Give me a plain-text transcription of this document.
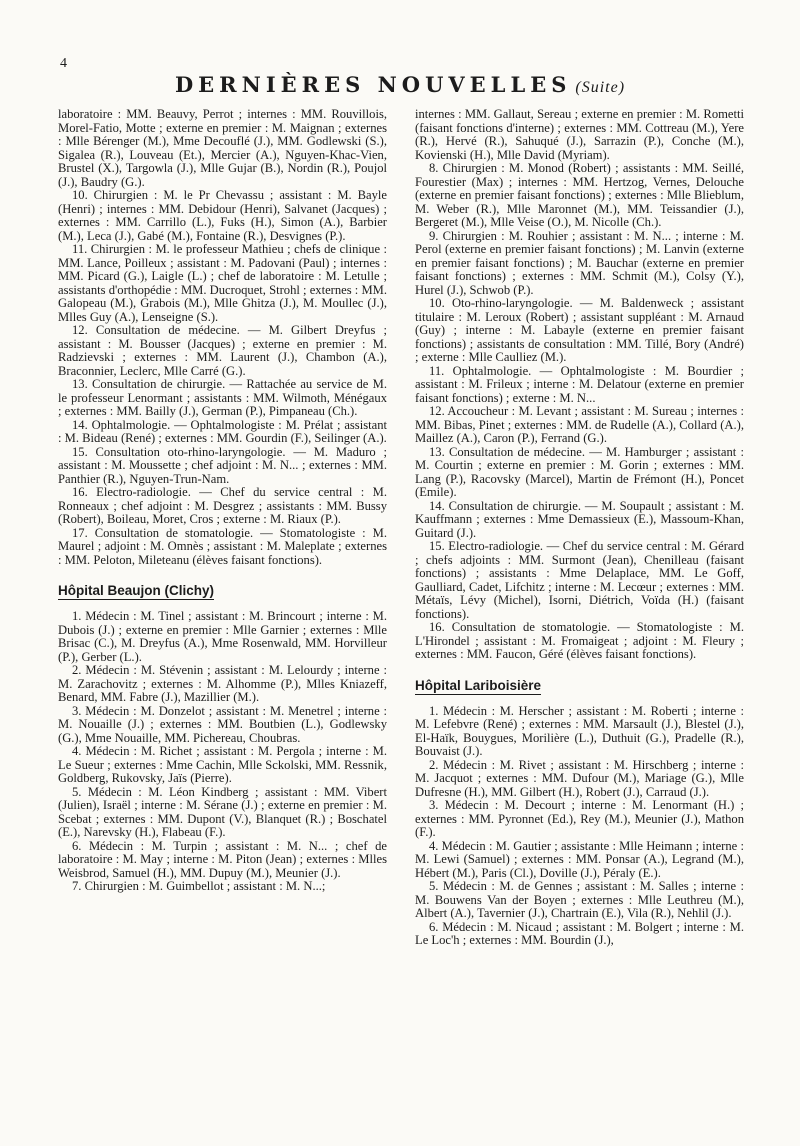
4
DERNIÈRES NOUVELLES (Suite)

laboratoire : MM. Beauvy, Perrot ; internes : MM. Rouvillois, Morel-Fatio, Motte ; externe en premier : M. Maignan ; externes : Mlle Bérenger (M.), Mme Decouflé (J.), MM. Godlewski (S.), Sigalea (R.), Louveau (Et.), Mercier (A.), Nguyen-Khac-Vien, Brustel (X.), Targowla (J.), Mlle Gujar (B.), Nordin (R.), Poujol (J.), Baudry (G.).

10. Chirurgien : M. le Pr Chevassu ; assistant : M. Bayle (Henri) ; internes : MM. Debidour (Henri), Salvanet (Jacques) ; externes : MM. Carrillo (L.), Fuks (H.), Simon (A.), Barbier (M.), Leca (J.), Gabé (M.), Fontaine (R.), Desvignes (P.).

11. Chirurgien : M. le professeur Mathieu ; chefs de clinique : MM. Lance, Poilleux ; assistant : M. Padovani (Paul) ; internes : MM. Picard (G.), Laigle (L.) ; chef de laboratoire : M. Letulle ; assistants d'orthopédie : MM. Ducroquet, Strohl ; externes : MM. Galopeau (M.), Grabois (M.), Mlle Ghitza (J.), M. Moullec (J.), Mlles Guy (A.), Lenseigne (S.).

12. Consultation de médecine. — M. Gilbert Dreyfus ; assistant : M. Bousser (Jacques) ; externe en premier : M. Radzievski ; externes : MM. Laurent (J.), Chambon (A.), Braconnier, Leclerc, Mlle Carré (G.).

13. Consultation de chirurgie. — Rattachée au service de M. le professeur Lenormant ; assistants : MM. Wilmoth, Ménégaux ; externes : MM. Bailly (J.), German (P.), Pimpaneau (Ch.).

14. Ophtalmologie. — Ophtalmologiste : M. Prélat ; assistant : M. Bideau (René) ; externes : MM. Gourdin (F.), Seilinger (A.).

15. Consultation oto-rhino-laryngologie. — M. Maduro ; assistant : M. Moussette ; chef adjoint : M. N... ; externes : MM. Panthier (R.), Nguyen-Trun-Nam.

16. Electro-radiologie. — Chef du service central : M. Ronneaux ; chef adjoint : M. Desgrez ; assistants : MM. Bussy (Robert), Boileau, Moret, Cros ; externe : M. Riaux (P.).

17. Consultation de stomatologie. — Stomatologiste : M. Maurel ; adjoint : M. Omnès ; assistant : M. Maleplate ; externes : MM. Peloton, Mileteanu (élèves faisant fonctions).

Hôpital Beaujon (Clichy)

1. Médecin : M. Tinel ; assistant : M. Brincourt ; interne : M. Dubois (J.) ; externe en premier : Mlle Garnier ; externes : Mlle Brisac (C.), M. Dreyfus (A.), Mme Rosenwald, MM. Horvilleur (P.), Gerber (L.).

2. Médecin : M. Stévenin ; assistant : M. Lelourdy ; interne : M. Zarachovitz ; externes : M. Alhomme (P.), Mlles Kniazeff, Benard, MM. Fabre (J.), Mazillier (M.).

3. Médecin : M. Donzelot ; assistant : M. Menetrel ; interne : M. Nouaille (J.) ; externes : MM. Boutbien (L.), Godlewsky (G.), Mme Nouaille, MM. Pichereau, Choubras.

4. Médecin : M. Richet ; assistant : M. Pergola ; interne : M. Le Sueur ; externes : Mme Cachin, Mlle Sckolski, MM. Ressnik, Goldberg, Rukovsky, Jaïs (Pierre).

5. Médecin : M. Léon Kindberg ; assistant : MM. Vibert (Julien), Israël ; interne : M. Sérane (J.) ; externe en premier : M. Scebat ; externes : MM. Dupont (V.), Blanquet (R.) ; Boschatel (E.), Narevsky (H.), Flabeau (F.).

6. Médecin : M. Turpin ; assistant : M. N... ; chef de laboratoire : M. May ; interne : M. Piton (Jean) ; externes : Mlles Weisbrod, Samuel (H.), MM. Dupuy (M.), Meunier (J.).

7. Chirurgien : M. Guimbellot ; assistant : M. N...;

internes : MM. Gallaut, Sereau ; externe en premier : M. Rometti (faisant fonctions d'interne) ; externes : MM. Cottreau (M.), Yere (R.), Hervé (R.), Sahuqué (J.), Sarrazin (P.), Conche (M.), Kovienski (H.), Mlle David (Myriam).

8. Chirurgien : M. Monod (Robert) ; assistants : MM. Seillé, Fourestier (Max) ; internes : MM. Hertzog, Vernes, Delouche (externe en premier faisant fonctions) ; externes : Mlle Blieblum, M. Weber (R.), Mlle Maronnet (M.), MM. Teissandier (J.), Bergeret (M.), Mlle Veise (O.), M. Nicolle (Ch.).

9. Chirurgien : M. Rouhier ; assistant : M. N... ; interne : M. Perol (externe en premier faisant fonctions) ; M. Lanvin (externe en premier faisant fonctions) ; M. Bauchar (externe en premier faisant fonctions) ; externes : MM. Schmit (M.), Colsy (Y.), Hurel (J.), Schwob (P.).

10. Oto-rhino-laryngologie. — M. Baldenweck ; assistant titulaire : M. Leroux (Robert) ; assistant suppléant : M. Arnaud (Guy) ; interne : M. Labayle (externe en premier faisant fonctions) ; assistants de consultation : MM. Tillé, Bory (André) ; externe : Mlle Caulliez (M.).

11. Ophtalmologie. — Ophtalmologiste : M. Bourdier ; assistant : M. Frileux ; interne : M. Delatour (externe en premier faisant fonctions) ; externe : M. N...

12. Accoucheur : M. Levant ; assistant : M. Sureau ; internes : MM. Bibas, Pinet ; externes : MM. de Rudelle (A.), Collard (A.), Maillez (A.), Caron (P.), Ferrand (G.).

13. Consultation de médecine. — M. Hamburger ; assistant : M. Courtin ; externe en premier : M. Gorin ; externes : MM. Lang (P.), Racovsky (Marcel), Martin de Frémont (H.), Poncet (Emile).

14. Consultation de chirurgie. — M. Soupault ; assistant : M. Kauffmann ; externes : Mme Demassieux (E.), Massoum-Khan, Guitard (J.).

15. Electro-radiologie. — Chef du service central : M. Gérard ; chefs adjoints : MM. Surmont (Jean), Chenilleau (faisant fonctions) ; assistants : Mme Delaplace, MM. Le Goff, Gaulliard, Cadet, Lifchitz ; interne : M. Lecœur ; externes : MM. Métaïs, Lévy (Michel), Isorni, Diétrich, Voïda (H.) (faisant fonctions).

16. Consultation de stomatologie. — Stomatologiste : M. L'Hirondel ; assistant : M. Fromaigeat ; adjoint : M. Fleury ; externes : MM. Faucon, Géré (élèves faisant fonctions).

Hôpital Lariboisière

1. Médecin : M. Herscher ; assistant : M. Roberti ; interne : M. Lefebvre (René) ; externes : MM. Marsault (J.), Blestel (J.), El-Haïk, Bouygues, Morilière (L.), Duthuit (G.), Pradelle (R.), Bouvaist (J.).

2. Médecin : M. Rivet ; assistant : M. Hirschberg ; interne : M. Jacquot ; externes : MM. Dufour (M.), Mariage (G.), Mlle Dufresne (H.), MM. Gilbert (H.), Robert (J.), Carraud (J.).

3. Médecin : M. Decourt ; interne : M. Lenormant (H.) ; externes : MM. Pyronnet (Ed.), Rey (M.), Meunier (J.), Mathon (F.).

4. Médecin : M. Gautier ; assistante : Mlle Heimann ; interne : M. Lewi (Samuel) ; externes : MM. Ponsar (A.), Legrand (M.), Hébert (M.), Paris (Cl.), Doville (J.), Péraly (E.).

5. Médecin : M. de Gennes ; assistant : M. Salles ; interne : M. Bouwens Van der Boyen ; externes : Mlle Leuthreu (M.), Albert (A.), Tavernier (J.), Chartrain (E.), Vila (R.), Nehlil (J.).

6. Médecin : M. Nicaud ; assistant : M. Bolgert ; interne : M. Le Loc'h ; externes : MM. Bourdin (J.),
